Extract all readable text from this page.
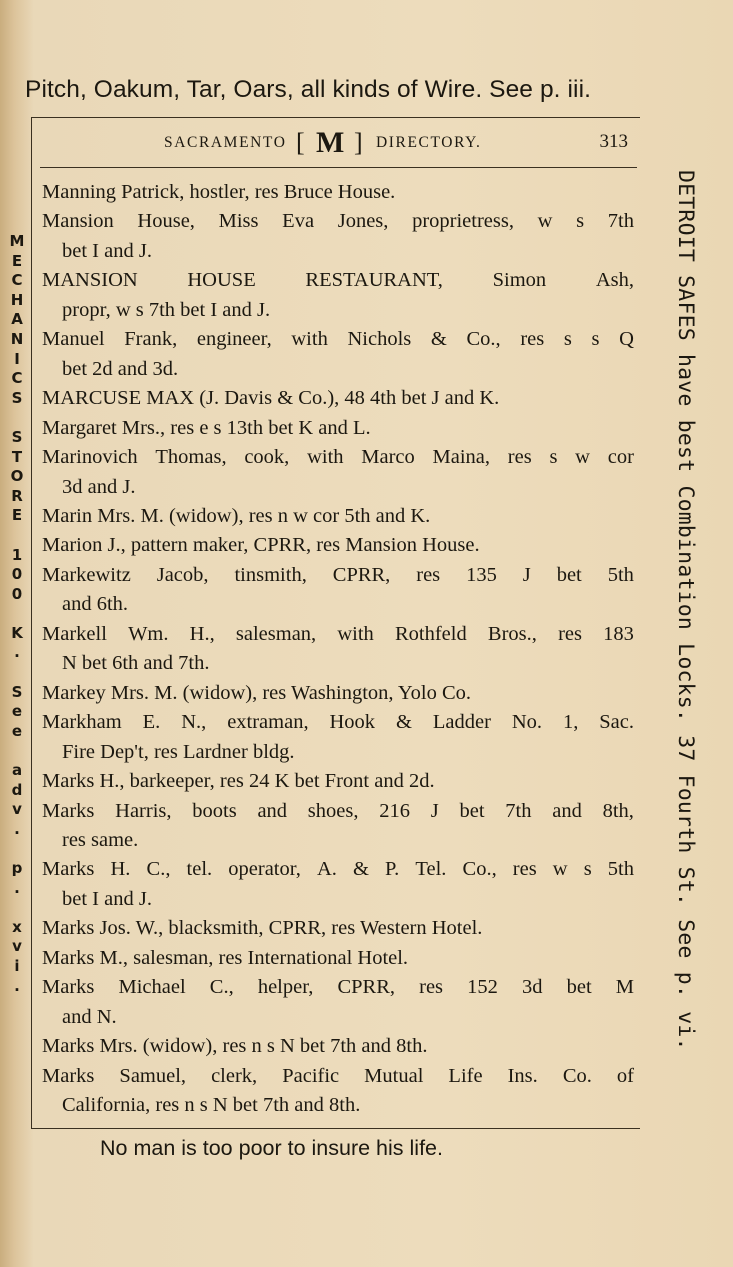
Pitch, Oakum, Tar, Oars, all kinds of Wire. See p. iii.
SACRAMENTO [ M ] DIRECTORY.	313
Manning Patrick, hostler, res Bruce House.
Mansion House, Miss Eva Jones, proprietress, w s 7th
bet I and J.
MANSION HOUSE RESTAURANT, Simon Ash,
propr, w s 7th bet I and J.
Manuel Frank, engineer, with Nichols & Co., res s s Q
bet 2d and 3d.
MARCUSE MAX (J. Davis & Co.), 48 4th bet J and K.
Margaret Mrs., res e s 13th bet K and L.
Marinovich Thomas, cook, with Marco Maina, res s w cor
3d and J.
Marin Mrs. M. (widow), res n w cor 5th and K.
Marion J., pattern maker, CPRR, res Mansion House.
Markewitz Jacob, tinsmith, CPRR, res 135 J bet 5th
and 6th.
Markell Wm. H., salesman, with Rothfeld Bros., res 183
N bet 6th and 7th.
Markey Mrs. M. (widow), res Washington, Yolo Co.
Markham E. N., extraman, Hook & Ladder No. 1, Sac.
Fire Dep't, res Lardner bldg.
Marks H., barkeeper, res 24 K bet Front and 2d.
Marks Harris, boots and shoes, 216 J bet 7th and 8th,
res same.
Marks H. C., tel. operator, A. & P. Tel. Co., res w s 5th
bet I and J.
Marks Jos. W., blacksmith, CPRR, res Western Hotel.
Marks M., salesman, res International Hotel.
Marks Michael C., helper, CPRR, res 152 3d bet M
and N.
Marks Mrs. (widow), res n s N bet 7th and 8th.
Marks Samuel, clerk, Pacific Mutual Life Ins. Co. of
California, res n s N bet 7th and 8th.
M
E
C
H
A
N
I
C
S

S
T
O
R
E

1
0
0

K
.

S
e
e

a
d
v
.

p
.

x
v
i
.	DETROIT SAFES have best Combination Locks. 37 Fourth St. See p. vi.
No man is too poor to insure his life.
